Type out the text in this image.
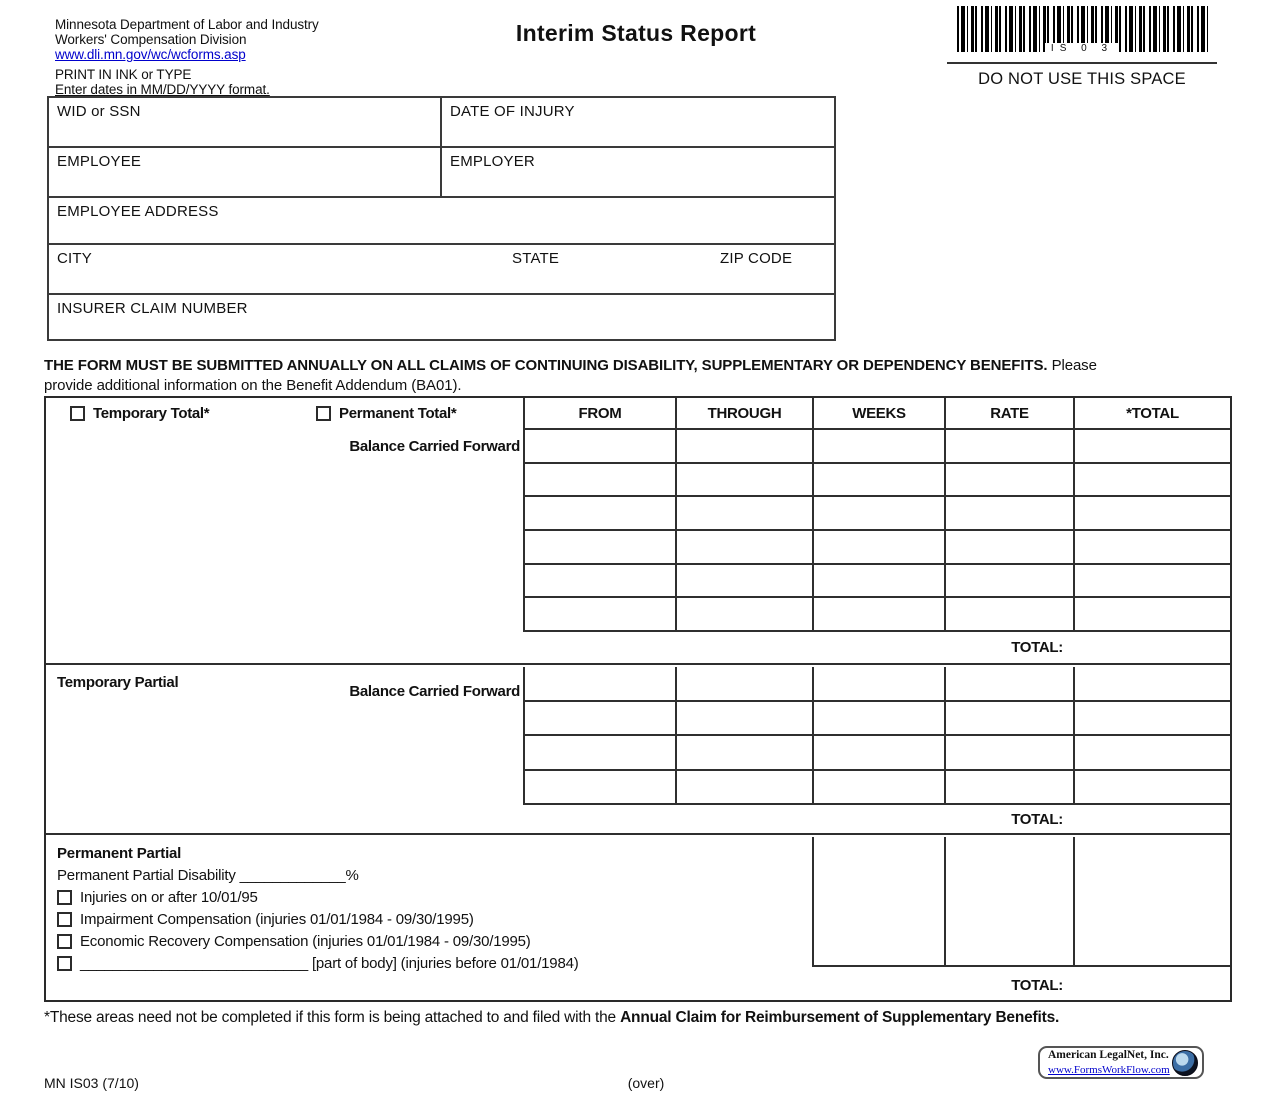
Minnesota Department of Labor and Industry
Workers' Compensation Division
www.dli.mn.gov/wc/wcforms.asp
Interim Status Report
IS 0 3
DO NOT USE THIS SPACE
PRINT IN INK or TYPE
Enter dates in MM/DD/YYYY format.
WID or SSN	DATE OF INJURY
EMPLOYEE	EMPLOYER
EMPLOYEE ADDRESS
CITY	STATE	ZIP CODE
INSURER CLAIM NUMBER
THE FORM MUST BE SUBMITTED ANNUALLY ON ALL CLAIMS OF CONTINUING DISABILITY, SUPPLEMENTARY OR DEPENDENCY BENEFITS. Please provide additional information on the Benefit Addendum (BA01).
Temporary Total*	Permanent Total*
Balance Carried Forward
FROM	THROUGH	WEEKS	RATE	*TOTAL
TOTAL:
Temporary Partial
Balance Carried Forward
TOTAL:
Permanent Partial
Permanent Partial Disability _____________%
Injuries on or after 10/01/95
Impairment Compensation (injuries 01/01/1984 - 09/30/1995)
Economic Recovery Compensation (injuries 01/01/1984 - 09/30/1995)
____________________________ [part of body] (injuries before 01/01/1984)
TOTAL:
*These areas need not be completed if this form is being attached to and filed with the Annual Claim for Reimbursement of Supplementary Benefits.
American LegalNet, Inc.
www.FormsWorkFlow.com
MN IS03 (7/10)	(over)
